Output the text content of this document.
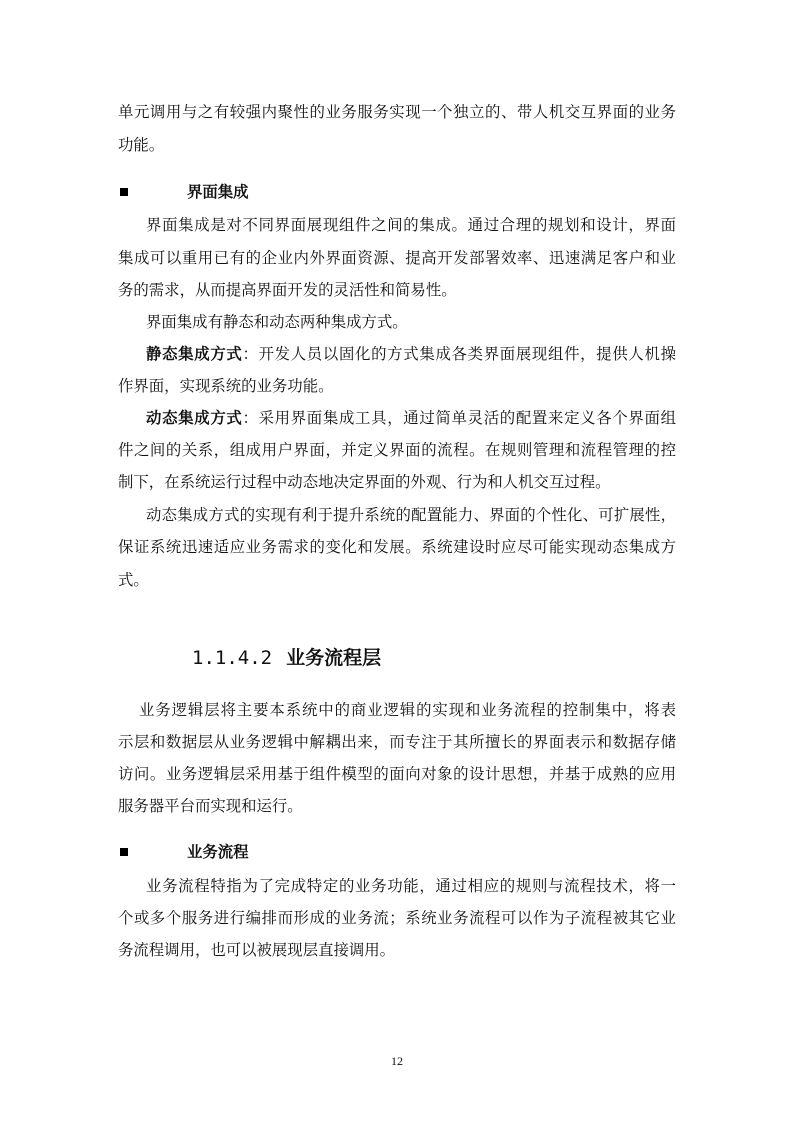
单元调用与之有较强内聚性的业务服务实现一个独立的、带人机交互界面的业务
功能。
界面集成
界面集成是对不同界面展现组件之间的集成。通过合理的规划和设计，界面
集成可以重用已有的企业内外界面资源、提高开发部署效率、迅速满足客户和业
务的需求，从而提高界面开发的灵活性和简易性。
界面集成有静态和动态两种集成方式。
静态集成方式：开发人员以固化的方式集成各类界面展现组件，提供人机操
作界面，实现系统的业务功能。
动态集成方式：采用界面集成工具，通过简单灵活的配置来定义各个界面组
件之间的关系，组成用户界面，并定义界面的流程。在规则管理和流程管理的控
制下，在系统运行过程中动态地决定界面的外观、行为和人机交互过程。
动态集成方式的实现有利于提升系统的配置能力、界面的个性化、可扩展性，
保证系统迅速适应业务需求的变化和发展。系统建设时应尽可能实现动态集成方
式。
1.1.4.2 业务流程层
业务逻辑层将主要本系统中的商业逻辑的实现和业务流程的控制集中，将表
示层和数据层从业务逻辑中解耦出来，而专注于其所擅长的界面表示和数据存储
访问。业务逻辑层采用基于组件模型的面向对象的设计思想，并基于成熟的应用
服务器平台而实现和运行。
业务流程
业务流程特指为了完成特定的业务功能，通过相应的规则与流程技术，将一
个或多个服务进行编排而形成的业务流；系统业务流程可以作为子流程被其它业
务流程调用，也可以被展现层直接调用。
12
